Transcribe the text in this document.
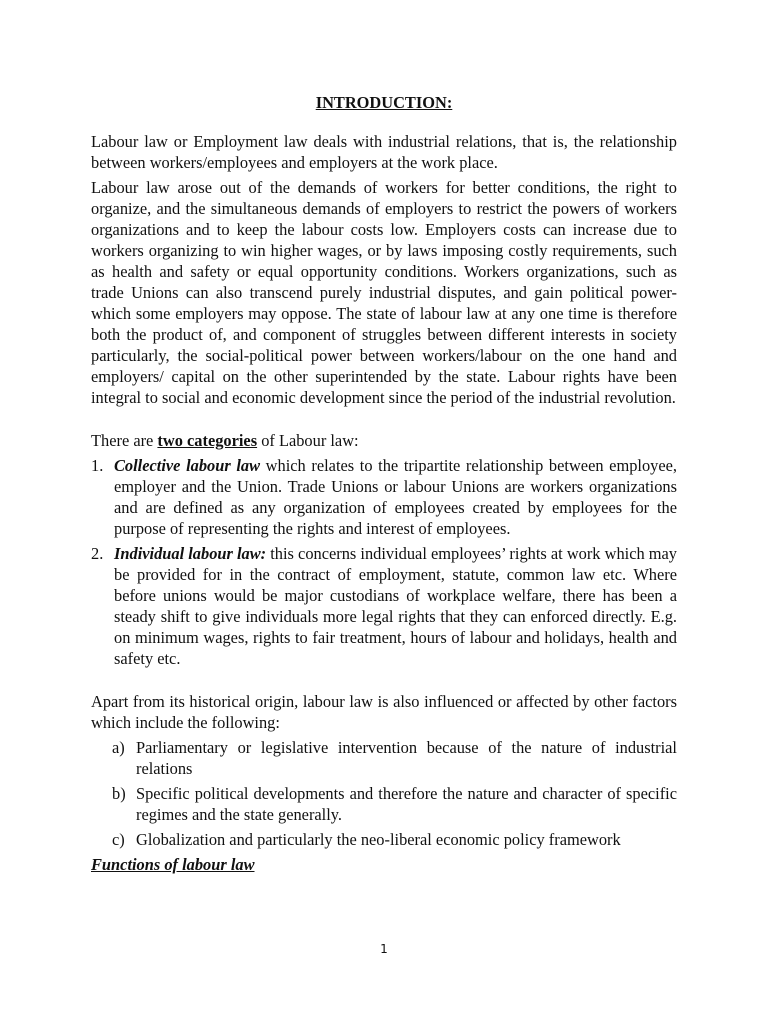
INTRODUCTION:
Labour law or Employment law deals with industrial relations, that is, the relationship between workers/employees and employers at the work place.
Labour law arose out of the demands of workers for better conditions, the right to organize, and the simultaneous demands of employers to restrict the powers of workers organizations and to keep the labour costs low. Employers costs can increase due to workers organizing to win higher wages, or by laws imposing costly requirements, such as health and safety or equal opportunity conditions. Workers organizations, such as trade Unions can also transcend purely industrial disputes, and gain political power- which some employers may oppose. The state of labour law at any one time is therefore both the product of, and component of struggles between different interests in society particularly, the social-political power between workers/labour on the one hand and employers/ capital on the other superintended by the state. Labour rights have been integral to social and economic development since the period of the industrial revolution.
There are two categories of Labour law:
1. Collective labour law which relates to the tripartite relationship between employee, employer and the Union. Trade Unions or labour Unions are workers organizations and are defined as any organization of employees created by employees for the purpose of representing the rights and interest of employees.
2. Individual labour law: this concerns individual employees’ rights at work which may be provided for in the contract of employment, statute, common law etc. Where before unions would be major custodians of workplace welfare, there has been a steady shift to give individuals more legal rights that they can enforced directly. E.g. on minimum wages, rights to fair treatment, hours of labour and holidays, health and safety etc.
Apart from its historical origin, labour law is also influenced or affected by other factors which include the following:
a) Parliamentary or legislative intervention because of the nature of industrial relations
b) Specific political developments and therefore the nature and character of specific regimes and the state generally.
c) Globalization and particularly the neo-liberal economic policy framework
Functions of labour law
1
